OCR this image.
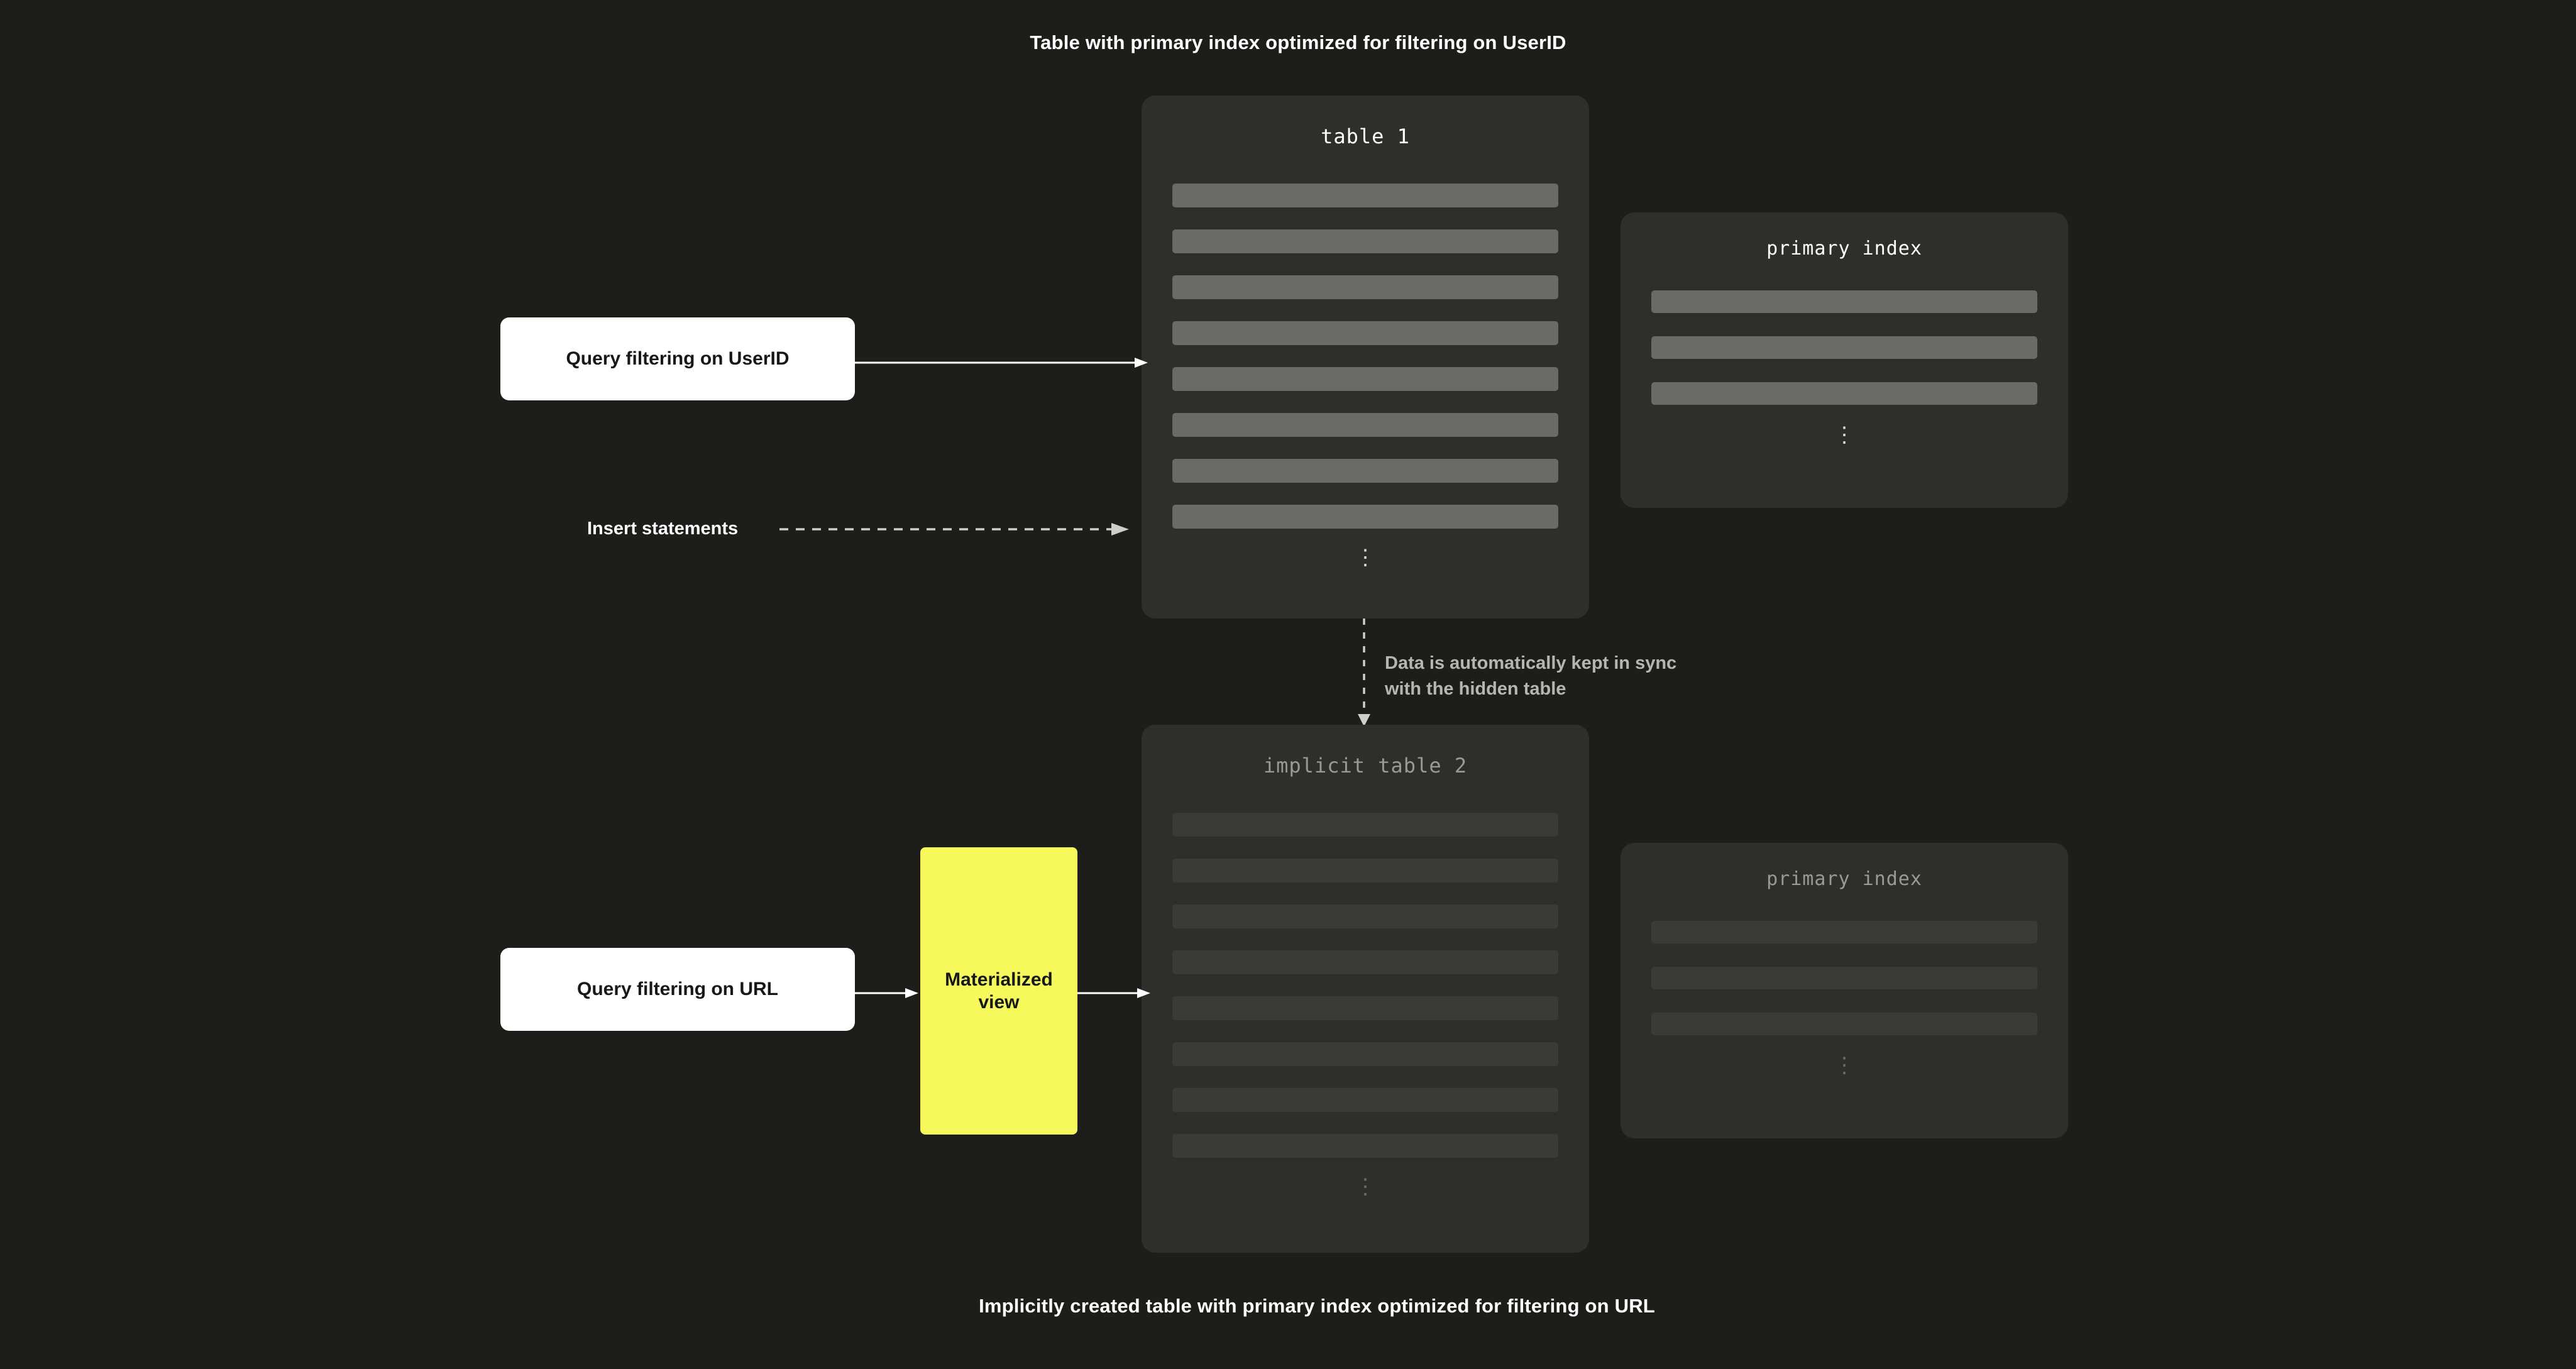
Table with primary index optimized for filtering on UserID
table 1
⋮
primary index
⋮
Query filtering on UserID
Insert statements
Data is automatically kept in sync
with the hidden table
implicit table 2
⋮
primary index
⋮
Query filtering on URL	Materialized
view
Implicitly created table with primary index optimized for filtering on URL
